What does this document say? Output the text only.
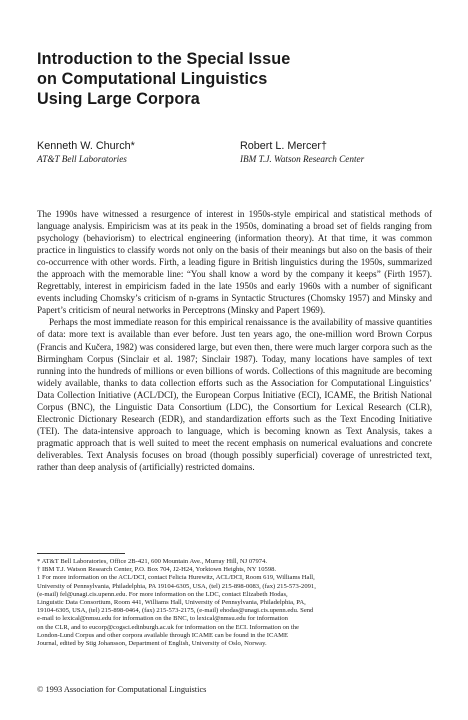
Introduction to the Special Issue
on Computational Linguistics
Using Large Corpora
Kenneth W. Church*
AT&T Bell Laboratories
Robert L. Mercer†
IBM T.J. Watson Research Center

The 1990s have witnessed a resurgence of interest in 1950s-style empirical and statistical methods of language analysis. Empiricism was at its peak in the 1950s, dominating a broad set of fields ranging from psychology (behaviorism) to electrical engineering (information theory). At that time, it was common practice in linguistics to classify words not only on the basis of their meanings but also on the basis of their co-occurrence with other words. Firth, a leading figure in British linguistics during the 1950s, summarized the approach with the memorable line: “You shall know a word by the company it keeps” (Firth 1957). Regrettably, interest in empiricism faded in the late 1950s and early 1960s with a number of significant events including Chomsky’s criticism of n-grams in Syntactic Structures (Chomsky 1957) and Minsky and Papert’s criticism of neural networks in Perceptrons (Minsky and Papert 1969).

Perhaps the most immediate reason for this empirical renaissance is the availability of massive quantities of data: more text is available than ever before. Just ten years ago, the one-million word Brown Corpus (Francis and Kučera, 1982) was considered large, but even then, there were much larger corpora such as the Birmingham Corpus (Sinclair et al. 1987; Sinclair 1987). Today, many locations have samples of text running into the hundreds of millions or even billions of words. Collections of this magnitude are becoming widely available, thanks to data collection efforts such as the Association for Computational Linguistics’ Data Collection Initiative (ACL/DCI), the European Corpus Initiative (ECI), ICAME, the British National Corpus (BNC), the Linguistic Data Consortium (LDC), the Consortium for Lexical Research (CLR), Electronic Dictionary Research (EDR), and standardization efforts such as the Text Encoding Initiative (TEI). The data-intensive approach to language, which is becoming known as Text Analysis, takes a pragmatic approach that is well suited to meet the recent emphasis on numerical evaluations and concrete deliverables. Text Analysis focuses on broad (though possibly superficial) coverage of unrestricted text, rather than deep analysis of (artificially) restricted domains.

* AT&T Bell Laboratories, Office 2B-421, 600 Mountain Ave., Murray Hill, NJ 07974.
† IBM T.J. Watson Research Center, P.O. Box 704, J2-H24, Yorktown Heights, NY 10598.
1 For more information on the ACL/DCI, contact Felicia Hurewitz, ACL/DCI, Room 619, Williams Hall,
University of Pennsylvania, Philadelphia, PA 19104-6305, USA, (tel) 215-898-0083, (fax) 215-573-2091,
(e-mail) fel@unagi.cis.upenn.edu. For more information on the LDC, contact Elizabeth Hodas,
Linguistic Data Consortium, Room 441, Williams Hall, University of Pennsylvania, Philadelphia, PA,
19104-6305, USA, (tel) 215-898-0464, (fax) 215-573-2175, (e-mail) ehodas@unagi.cis.upenn.edu. Send
e-mail to lexical@nmsu.edu for information on the BNC, to lexical@nmsu.edu for information
on the CLR, and to eucorp@cogsci.edinburgh.ac.uk for information on the ECI. Information on the
London-Lund Corpus and other corpora available through ICAME can be found in the ICAME
Journal, edited by Stig Johansson, Department of English, University of Oslo, Norway.
© 1993 Association for Computational Linguistics
